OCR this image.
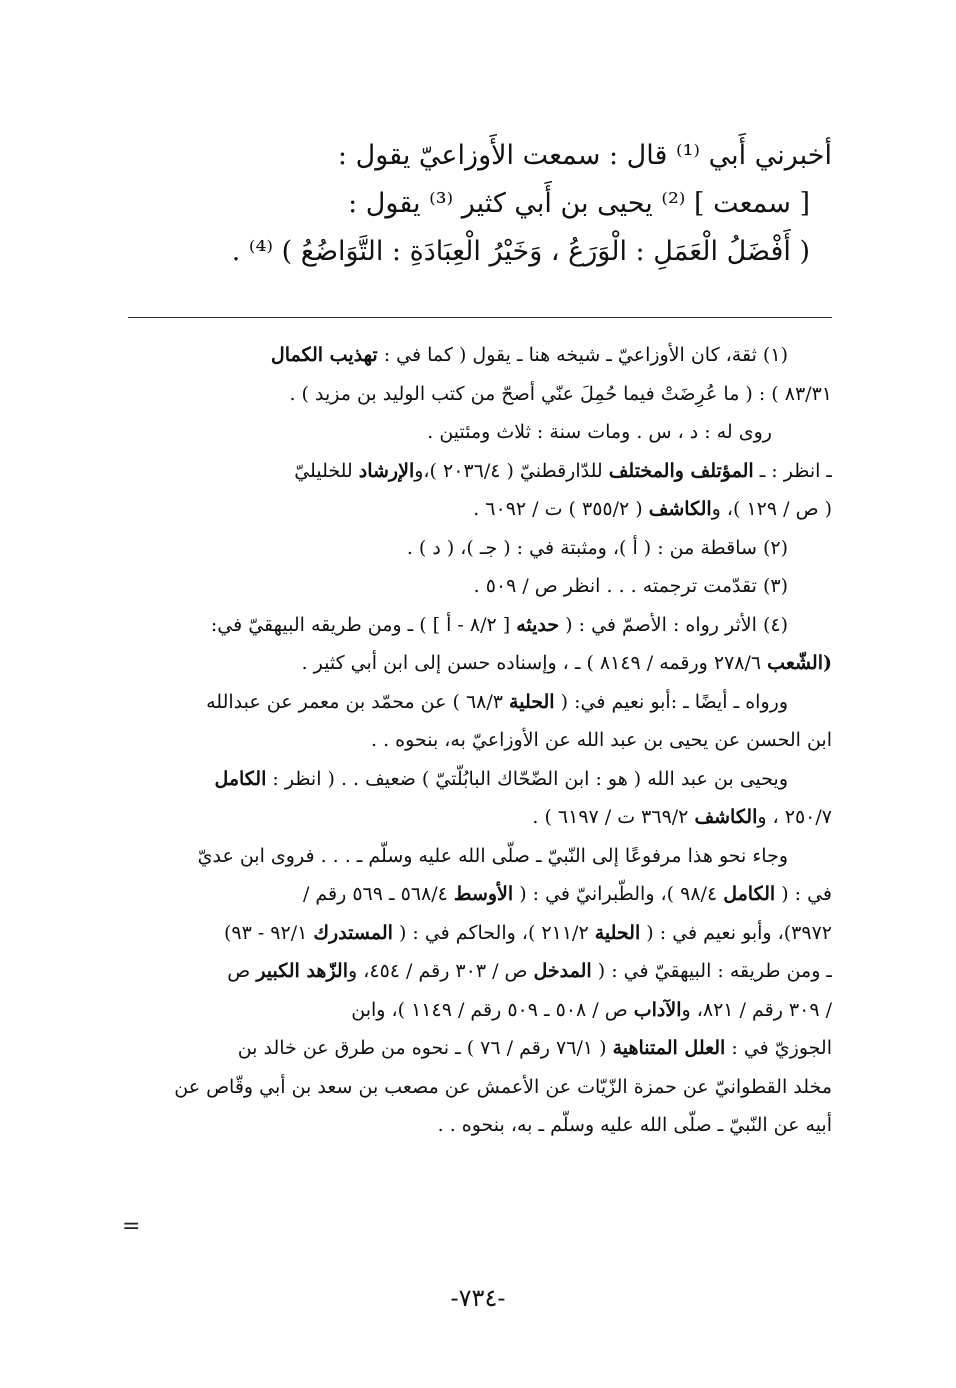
أخبرني أَبي ⁽¹⁾ قال : سمعت الأَوزاعيّ يقول :
[ سمعت ] ⁽²⁾ يحيى بن أَبي كثير ⁽³⁾ يقول :
( أَفْضَلُ الْعَمَلِ : الْوَرَعُ ، وَخَيْرُ الْعِبَادَةِ : التَّوَاضُعُ ) ⁽⁴⁾ .
(١) ثقة، كان الأوزاعيّ ـ شيخه هنا ـ يقول ( كما في : تهذيب الكمال
٨٣/٣١ ) : ( ما عُرِضَتْ فيما حُمِلَ عنّي أصحّ من كتب الوليد بن مزيد ) .
روى له : د ، س . ومات سنة : ثلاث ومئتين .
ـ انظر : ـ المؤتلف والمختلف للدّارقطنيّ ( ٢٠٣٦/٤ )،والإرشاد للخليليّ
( ص / ١٢٩ )، والكاشف ( ٣٥٥/٢ ) ت / ٦٠٩٢ .
(٢) ساقطة من : ( أ )، ومثبتة في : ( جـ )، ( د ) .
(٣) تقدّمت ترجمته . . . انظر ص / ٥٠٩ .
(٤) الأثر رواه : الأصمّ في : ( حديثه [ ٨/٢ - أ ] ) ـ ومن طريقه البيهقيّ في:
(الشّعب ٢٧٨/٦ ورقمه / ٨١٤٩ ) ـ ، وإسناده حسن إلى ابن أبي كثير .
ورواه ـ أيضًا ـ :أبو نعيم في: ( الحلية ٦٨/٣ ) عن محمّد بن معمر عن عبدالله
ابن الحسن عن يحيى بن عبد الله عن الأوزاعيّ به، بنحوه . .
ويحيى بن عبد الله ( هو : ابن الضّحّاك البابُلّتيّ ) ضعيف . . ( انظر : الكامل
٢٥٠/٧ ، والكاشف ٣٦٩/٢ ت / ٦١٩٧ ) .
وجاء نحو هذا مرفوعًا إلى النّبيّ ـ صلّى الله عليه وسلّم ـ . . . فروى ابن عديّ
في : ( الكامل ٩٨/٤ )، والطّبرانيّ في : ( الأوسط ٥٦٨/٤ ـ ٥٦٩ رقم /
٣٩٧٢)، وأبو نعيم في : ( الحلية ٢١١/٢ )، والحاكم في : ( المستدرك ٩٢/١ - ٩٣)
ـ ومن طريقه : البيهقيّ في : ( المدخل ص / ٣٠٣ رقم / ٤٥٤، والزّهد الكبير ص
/ ٣٠٩ رقم / ٨٢١، والآداب ص / ٥٠٨ ـ ٥٠٩ رقم / ١١٤٩ )، وابن
الجوزيّ في : العلل المتناهية ( ٧٦/١ رقم / ٧٦ ) ـ نحوه من طرق عن خالد بن
مخلد القطوانيّ عن حمزة الزّيّات عن الأعمش عن مصعب بن سعد بن أبي وقّاص عن
أبيه عن النّبيّ ـ صلّى الله عليه وسلّم ـ به، بنحوه . .
=
-٧٣٤-
